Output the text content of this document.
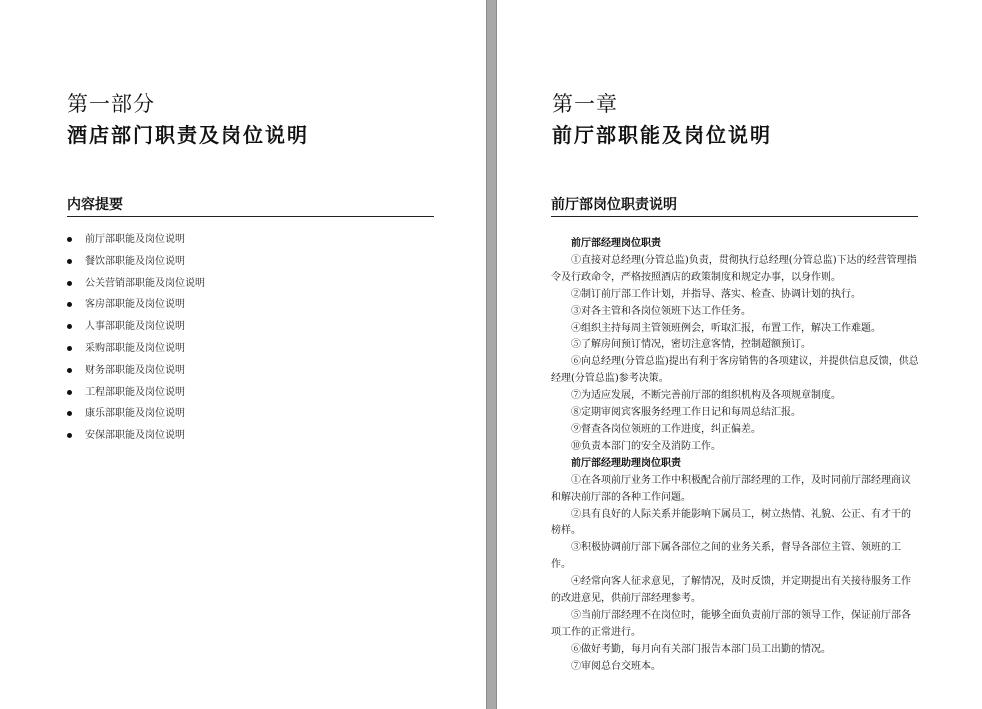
第一部分
酒店部门职责及岗位说明
内容提要
前厅部职能及岗位说明
餐饮部职能及岗位说明
公关营销部职能及岗位说明
客房部职能及岗位说明
人事部职能及岗位说明
采购部职能及岗位说明
财务部职能及岗位说明
工程部职能及岗位说明
康乐部职能及岗位说明
安保部职能及岗位说明
第一章
前厅部职能及岗位说明
前厅部岗位职责说明

前厅部经理岗位职责

①直接对总经理(分管总监)负责，贯彻执行总经理(分管总监)下达的经营管理指令及行政命令，严格按照酒店的政策制度和规定办事，以身作则。

②制订前厅部工作计划，并指导、落实、检查、协调计划的执行。

③对各主管和各岗位领班下达工作任务。

④组织主持每周主管领班例会，听取汇报，布置工作，解决工作难题。

⑤了解房间预订情况，密切注意客情，控制超额预订。

⑥向总经理(分管总监)提出有利于客房销售的各项建议，并提供信息反馈，供总经理(分管总监)参考决策。

⑦为适应发展，不断完善前厅部的组织机构及各项规章制度。

⑧定期审阅宾客服务经理工作日记和每周总结汇报。

⑨督查各岗位领班的工作进度，纠正偏差。

⑩负责本部门的安全及消防工作。

前厅部经理助理岗位职责

①在各项前厅业务工作中积极配合前厅部经理的工作，及时同前厅部经理商议和解决前厅部的各种工作问题。

②具有良好的人际关系并能影响下属员工，树立热情、礼貌、公正、有才干的榜样。

③积极协调前厅部下属各部位之间的业务关系，督导各部位主管、领班的工作。

④经常向客人征求意见，了解情况，及时反馈，并定期提出有关接待服务工作的改进意见，供前厅部经理参考。

⑤当前厅部经理不在岗位时，能够全面负责前厅部的领导工作，保证前厅部各项工作的正常进行。

⑥做好考勤，每月向有关部门报告本部门员工出勤的情况。

⑦审阅总台交班本。
